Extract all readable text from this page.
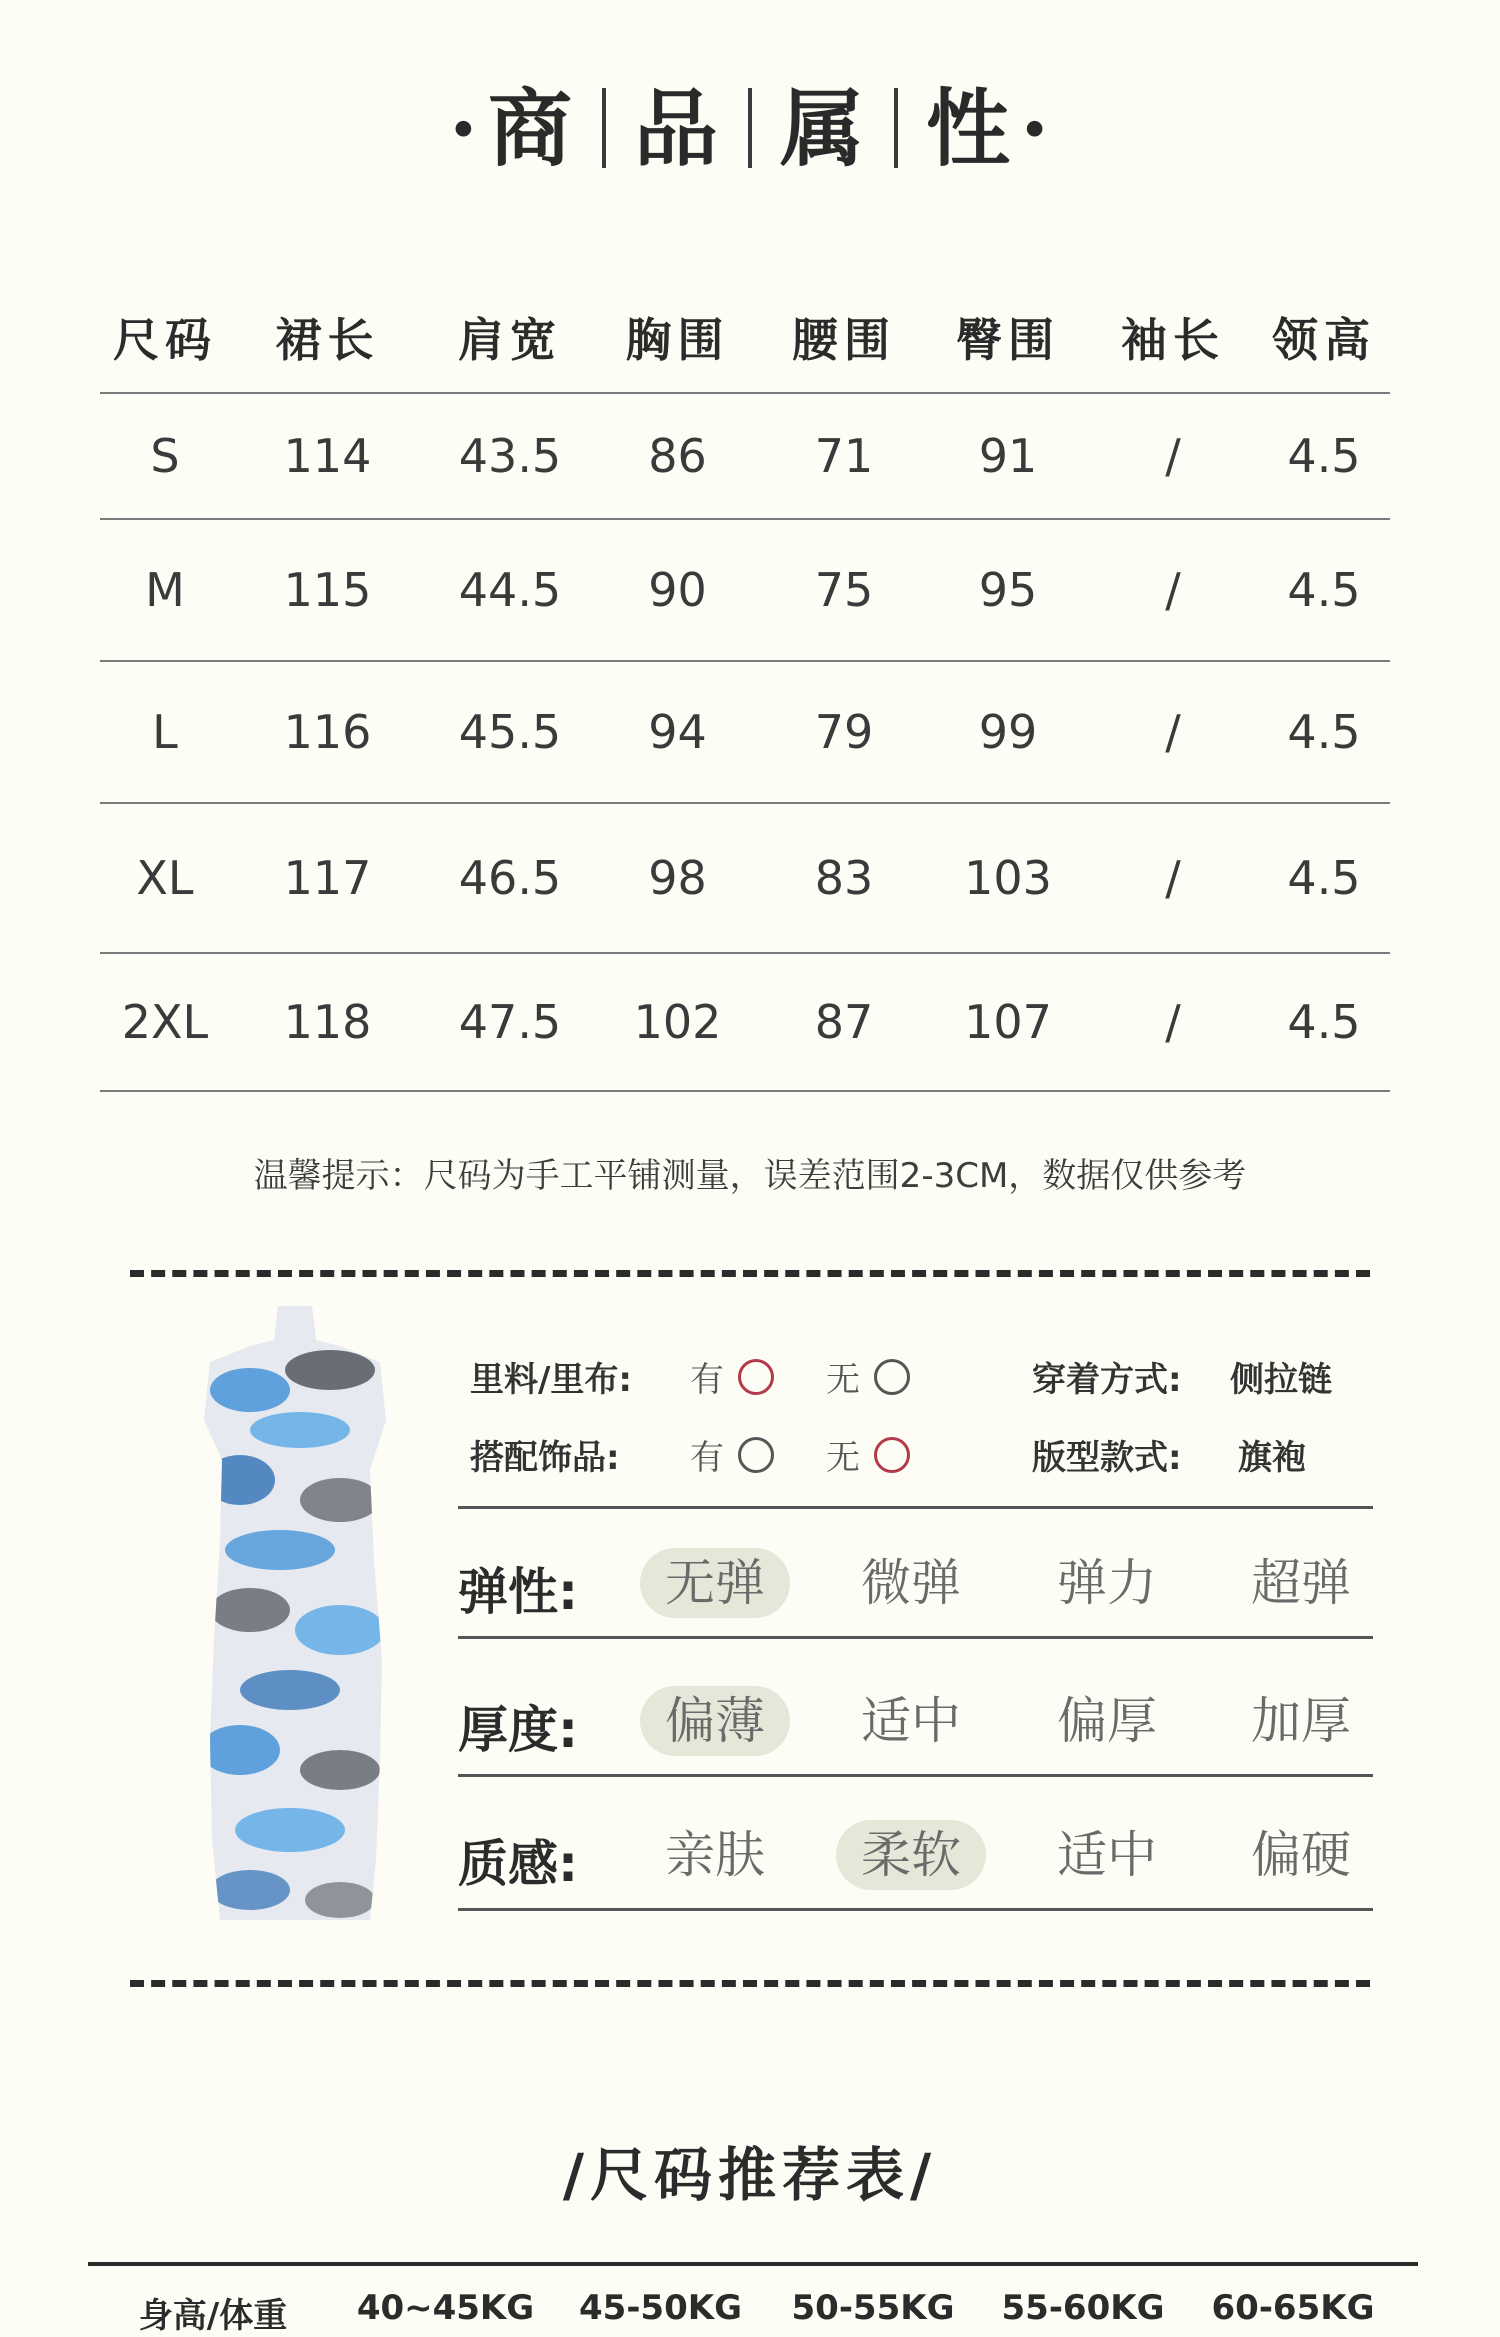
·商 品 属 性·
尺码	裙长	肩宽	胸围	腰围	臀围	袖长	领高
S	114	43.5	86	71	91	/	4.5
M	115	44.5	90	75	95	/	4.5
L	116	45.5	94	79	99	/	4.5
XL	117	46.5	98	83	103	/	4.5
2XL	118	47.5	102	87	107	/	4.5
温馨提示：尺码为手工平铺测量，误差范围2-3CM，数据仅供参考
里料/里布: 有	无	穿着方式: 侧拉链
搭配饰品: 有	无	版型款式: 旗袍
弹性:	无弹	微弹	弹力	超弹
厚度:	偏薄	适中	偏厚	加厚
质感:	亲肤	柔软	适中	偏硬
/尺码推荐表/
身高/体重	40~45KG	45-50KG	50-55KG	55-60KG	60-65KG
